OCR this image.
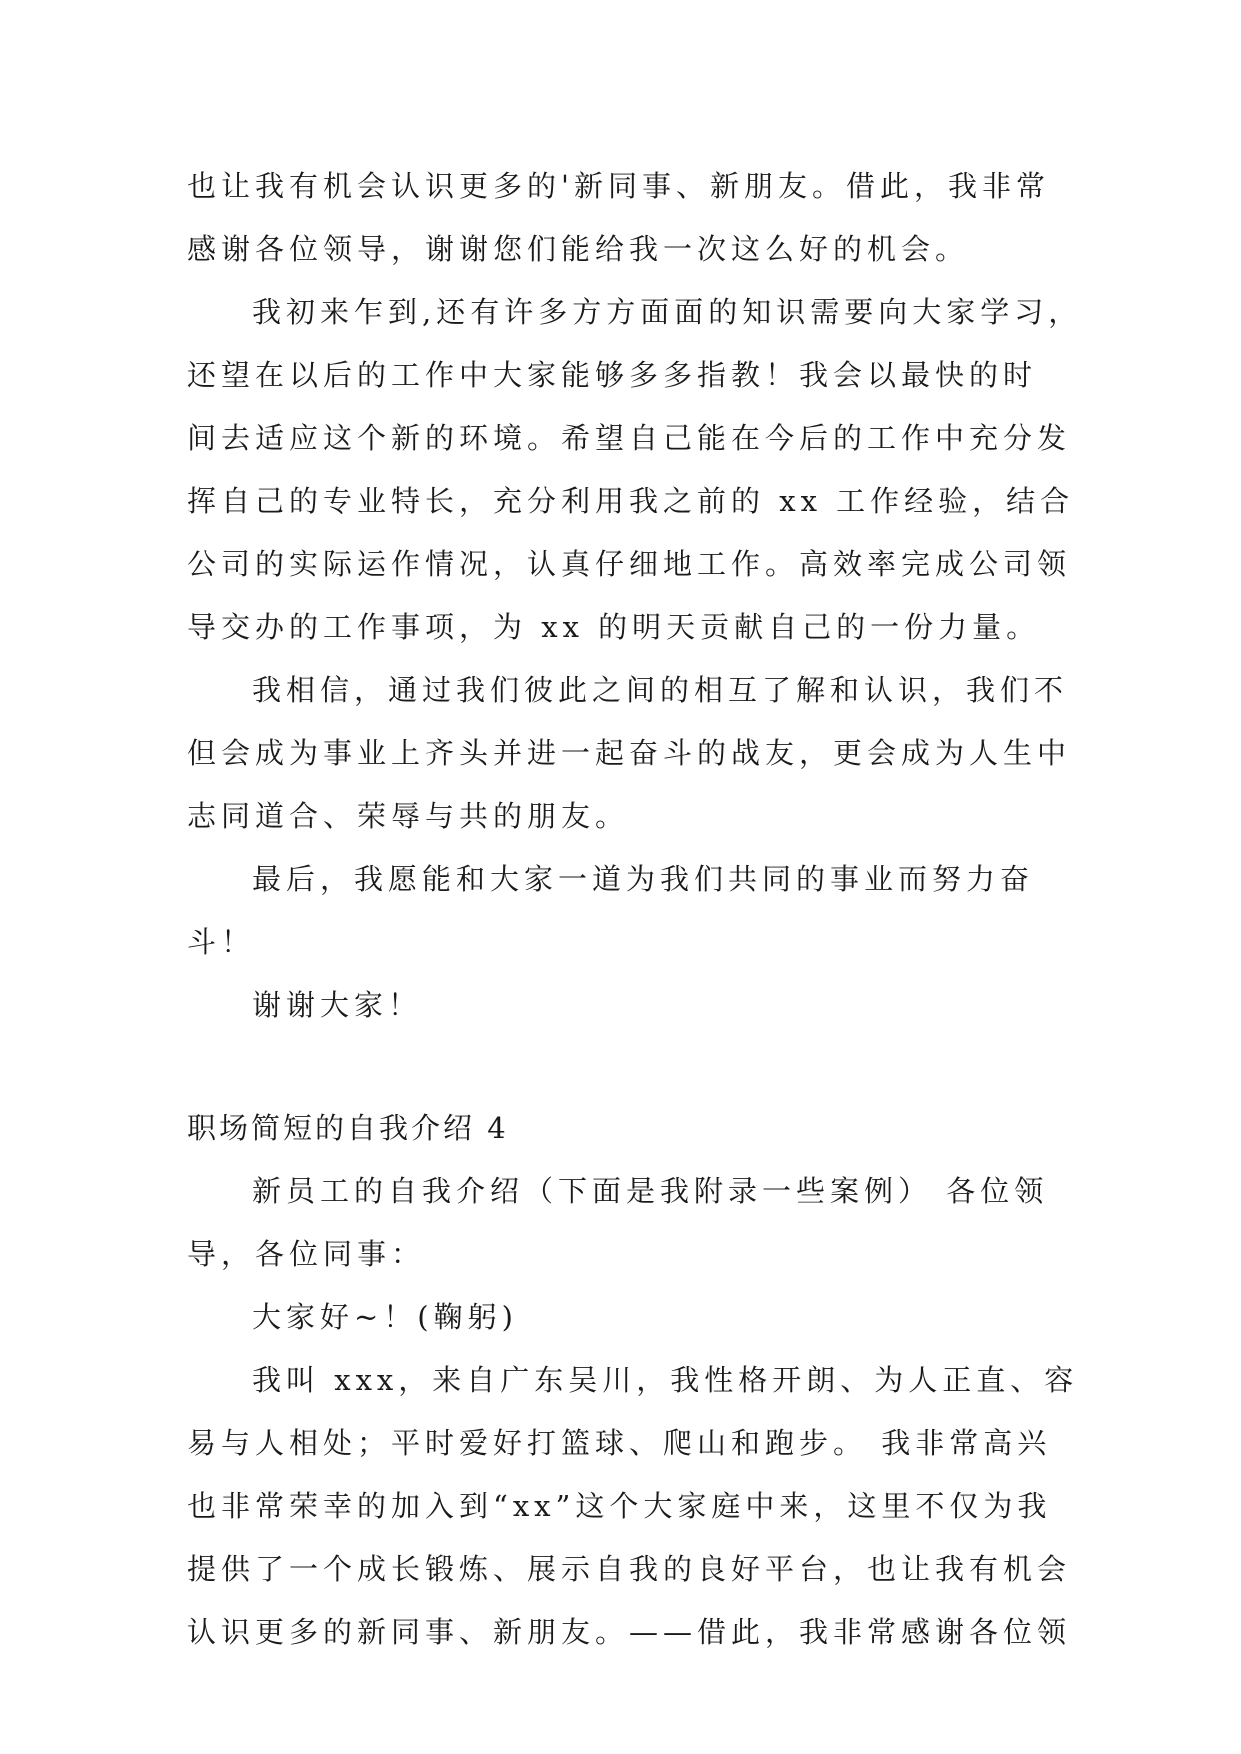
也让我有机会认识更多的'新同事、新朋友。借此，我非常
感谢各位领导，谢谢您们能给我一次这么好的机会。
我初来乍到,还有许多方方面面的知识需要向大家学习，
还望在以后的工作中大家能够多多指教！我会以最快的时
间去适应这个新的环境。希望自己能在今后的工作中充分发
挥自己的专业特长，充分利用我之前的 xx 工作经验，结合
公司的实际运作情况，认真仔细地工作。高效率完成公司领
导交办的工作事项，为 xx 的明天贡献自己的一份力量。
我相信，通过我们彼此之间的相互了解和认识，我们不
但会成为事业上齐头并进一起奋斗的战友，更会成为人生中
志同道合、荣辱与共的朋友。
最后，我愿能和大家一道为我们共同的事业而努力奋
斗！
谢谢大家！
职场简短的自我介绍 4
新员工的自我介绍（下面是我附录一些案例） 各位领
导，各位同事：
大家好~！(鞠躬)
我叫 xxx，来自广东吴川，我性格开朗、为人正直、容
易与人相处；平时爱好打篮球、爬山和跑步。 我非常高兴
也非常荣幸的加入到“xx”这个大家庭中来，这里不仅为我
提供了一个成长锻炼、展示自我的良好平台，也让我有机会
认识更多的新同事、新朋友。——借此，我非常感谢各位领
